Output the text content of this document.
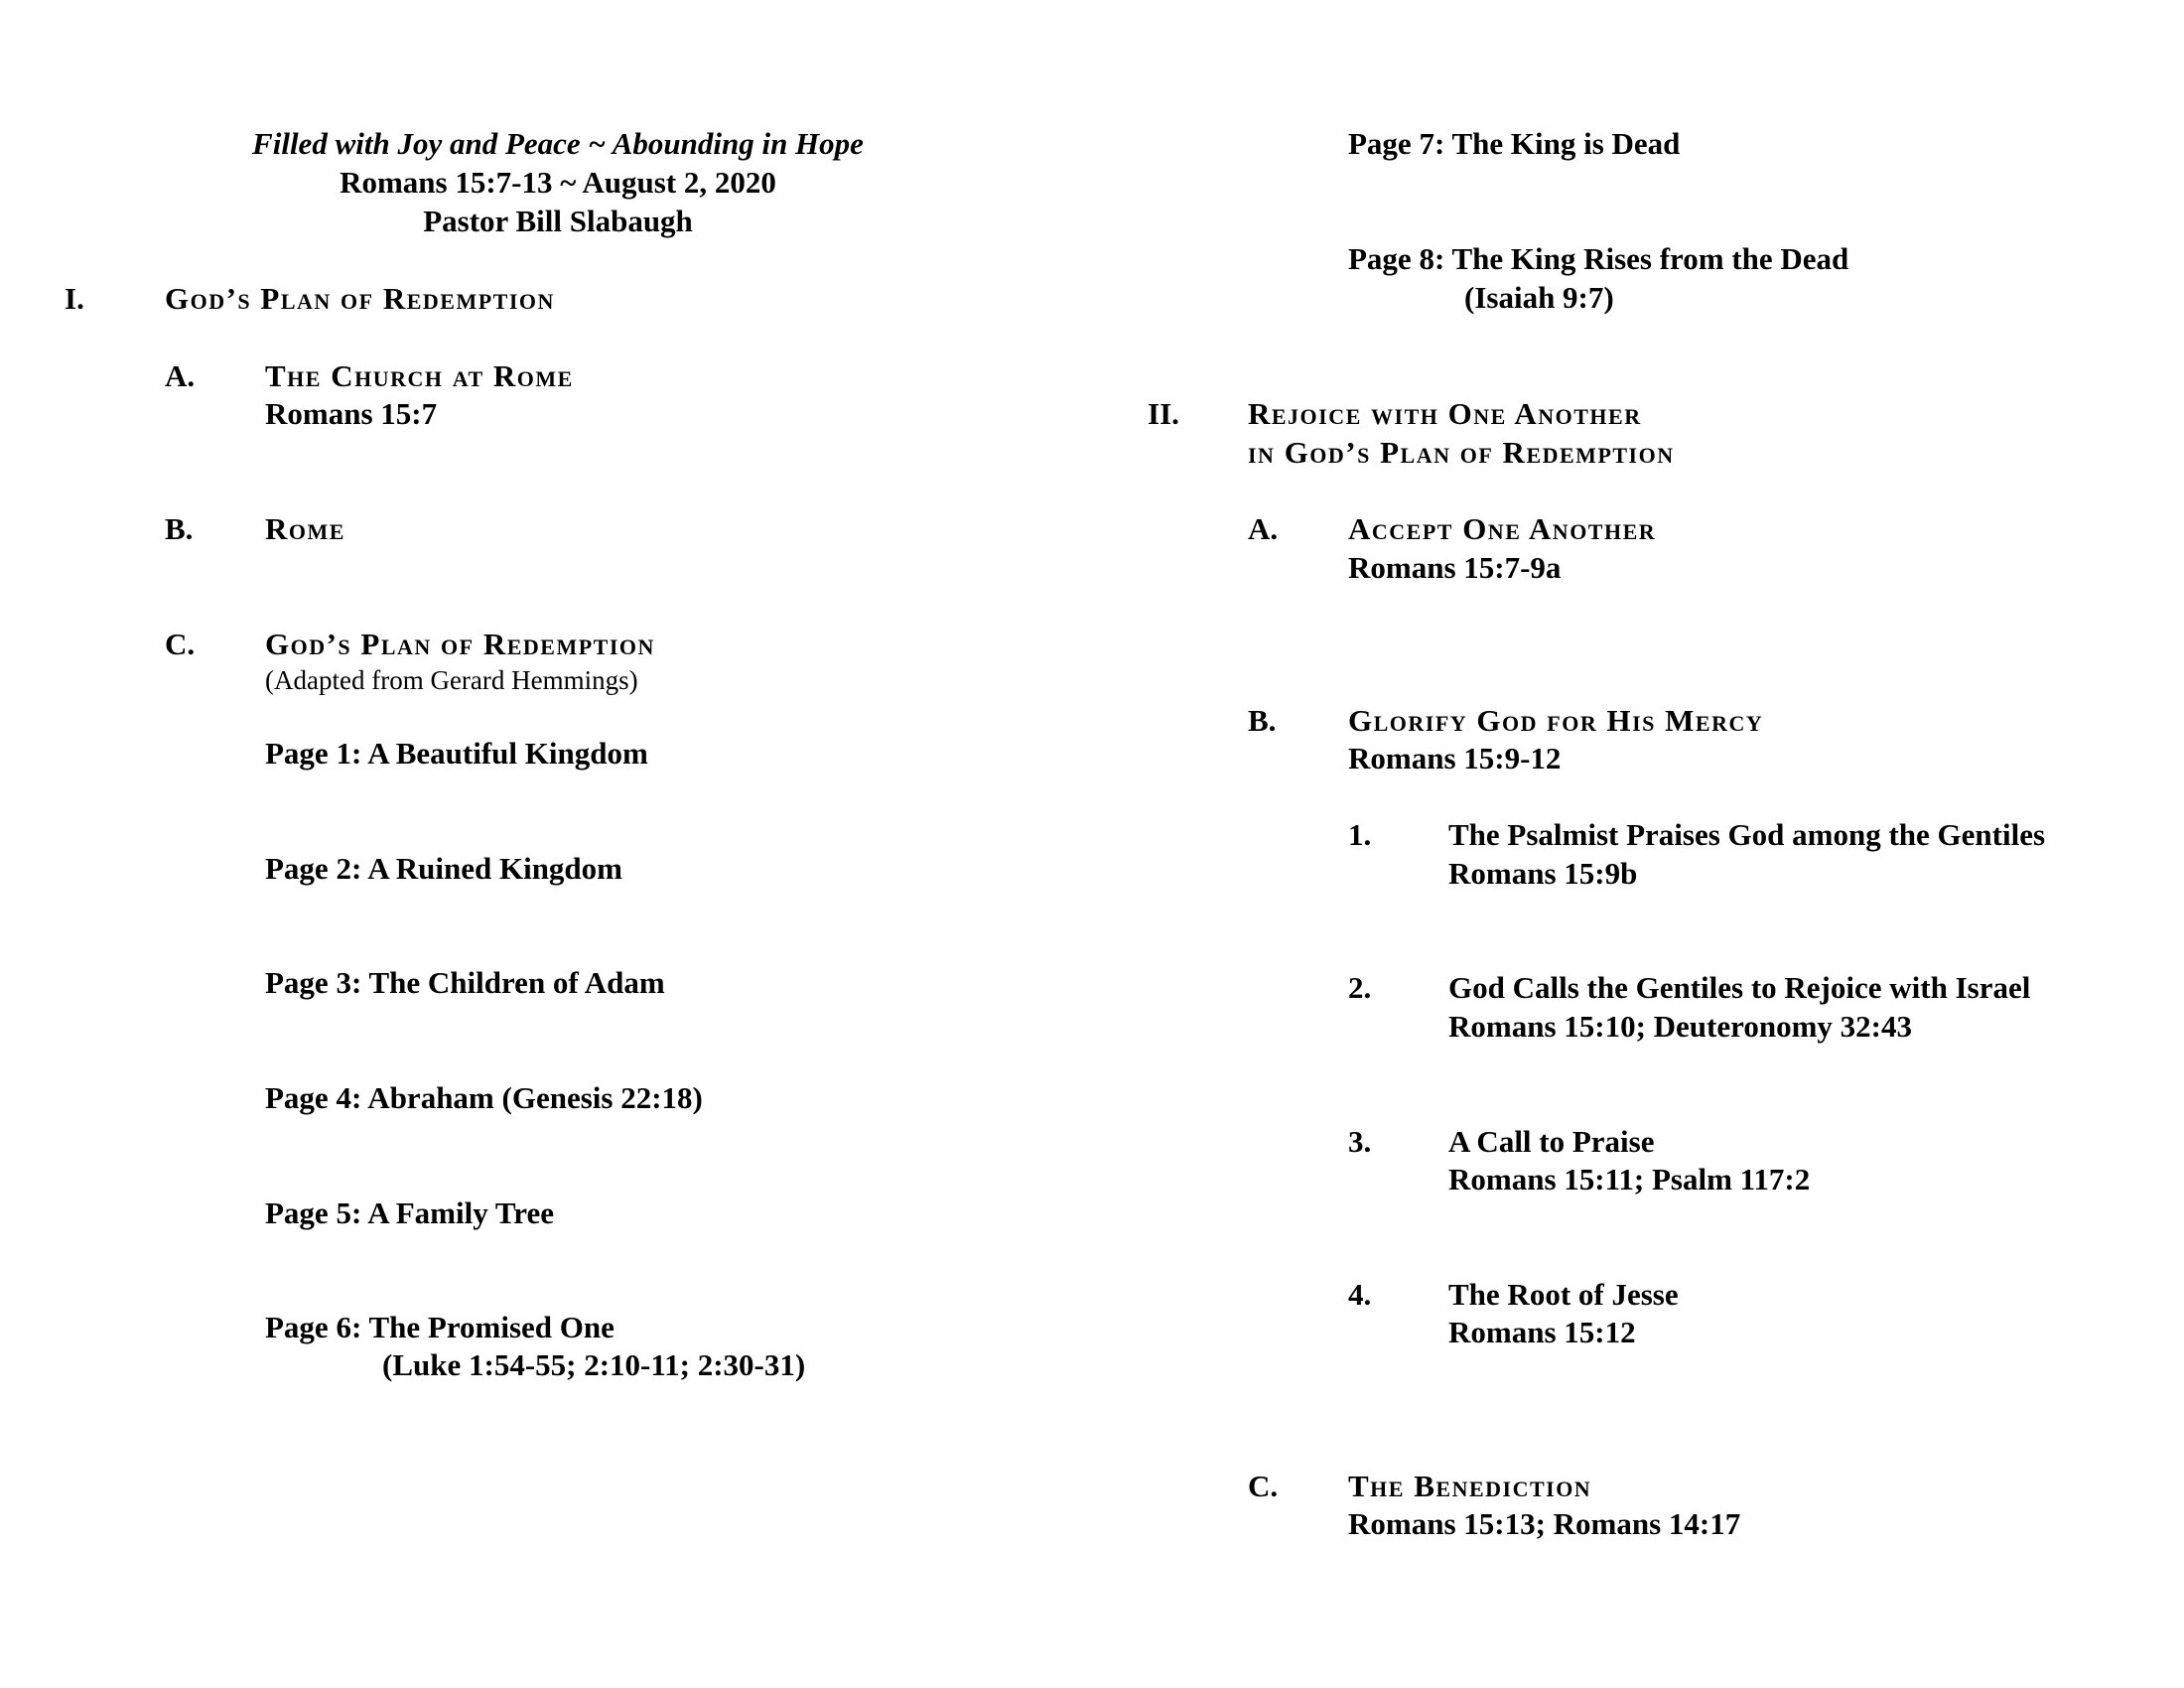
Filled with Joy and Peace ~ Abounding in Hope
Romans 15:7-13 ~ August 2, 2020
Pastor Bill Slabaugh
I.	God’s Plan of Redemption
A. The Church at Rome
Romans 15:7
B. Rome
C. God’s Plan of Redemption
(Adapted from Gerard Hemmings)
Page 1: A Beautiful Kingdom
Page 2: A Ruined Kingdom
Page 3: The Children of Adam
Page 4: Abraham (Genesis 22:18)
Page 5: A Family Tree
Page 6: The Promised One
(Luke 1:54-55; 2:10-11; 2:30-31)
Page 7: The King is Dead
Page 8: The King Rises from the Dead
(Isaiah 9:7)
II. Rejoice with One Another
in God’s Plan of Redemption
A. Accept One Another
Romans 15:7-9a
B. Glorify God for His Mercy
Romans 15:9-12
1.	The Psalmist Praises God among the Gentiles
Romans 15:9b
2.	God Calls the Gentiles to Rejoice with Israel
Romans 15:10; Deuteronomy 32:43
3.	A Call to Praise
Romans 15:11; Psalm 117:2
4.	The Root of Jesse
Romans 15:12
C. The Benediction
Romans 15:13; Romans 14:17
